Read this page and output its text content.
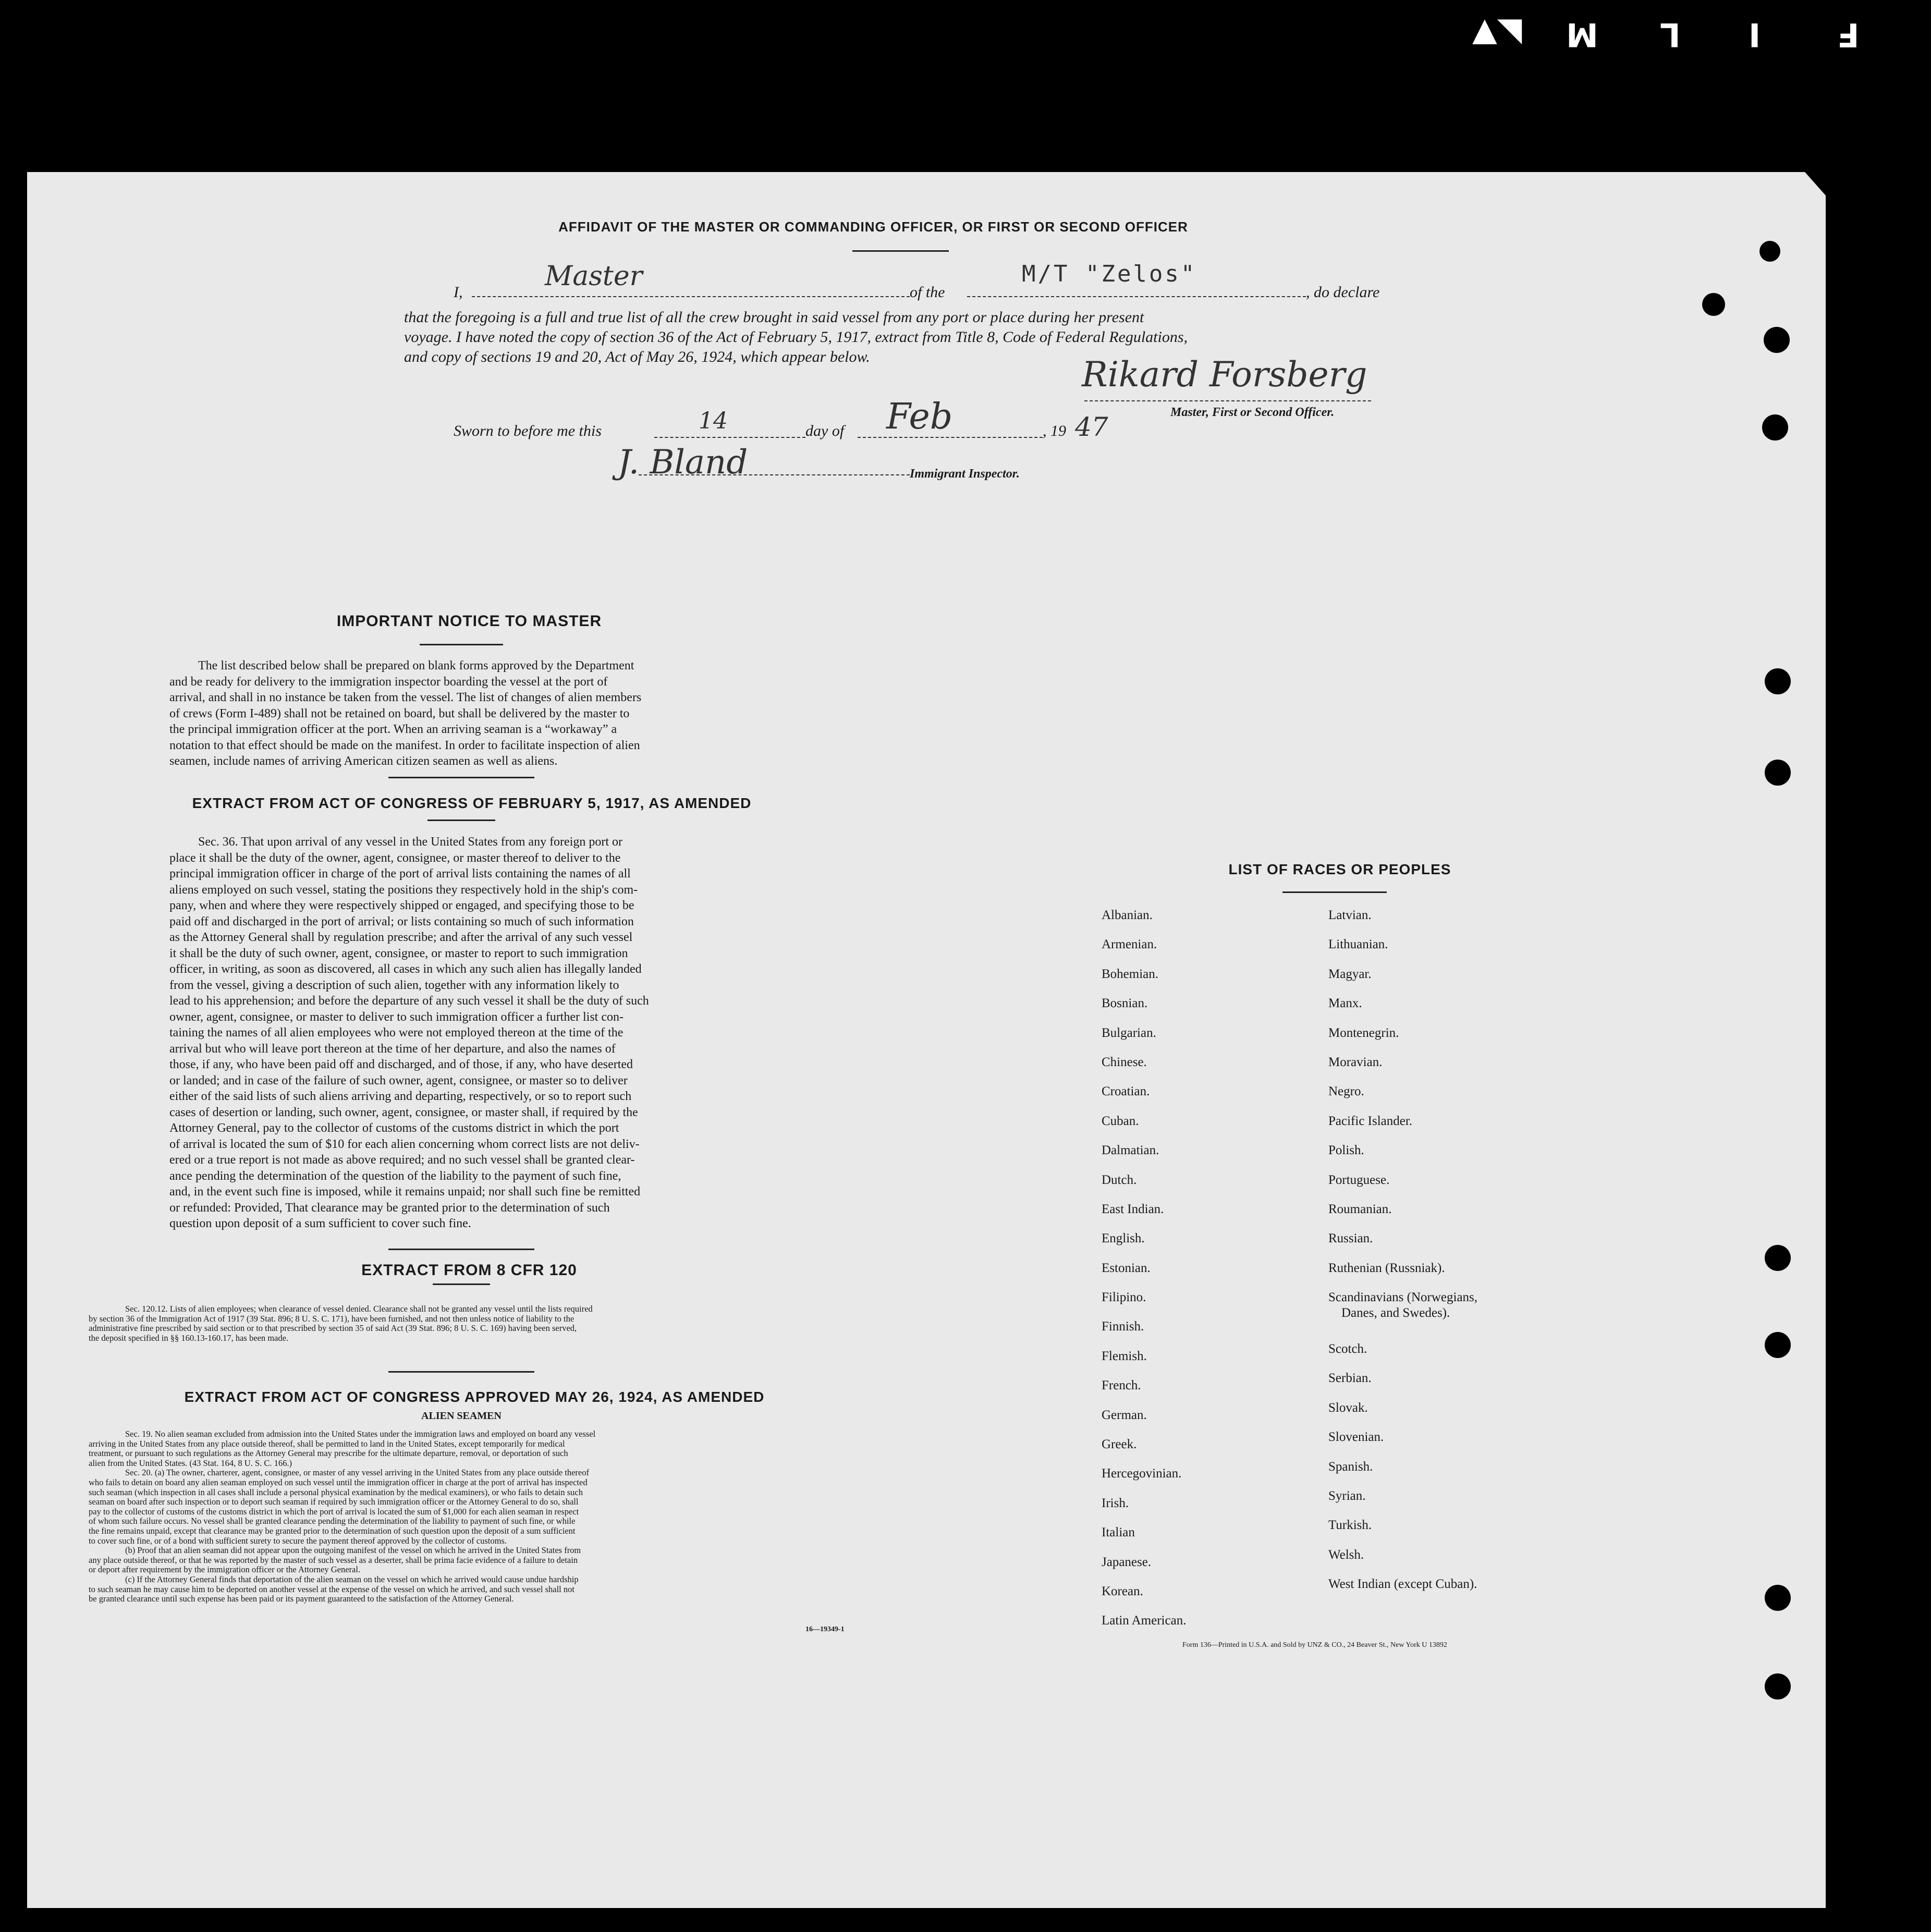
◣▼ M L I F
AFFIDAVIT OF THE MASTER OR COMMANDING OFFICER, OR FIRST OR SECOND OFFICER
I,
Master
of the
M/T "Zelos"
, do declare
that the foregoing is a full and true list of all the crew brought in said vessel from any port or place during her present
voyage. I have noted the copy of section 36 of the Act of February 5, 1917, extract from Title 8, Code of Federal Regulations,
and copy of sections 19 and 20, Act of May 26, 1924, which appear below.	Rikard Forsberg
Master, First or Second Officer.
Sworn to before me this	14	day of Feb	, 19 47
J. Bland	Immigrant Inspector.
IMPORTANT NOTICE TO MASTER
The list described below shall be prepared on blank forms approved by the Department
and be ready for delivery to the immigration inspector boarding the vessel at the port of
arrival, and shall in no instance be taken from the vessel. The list of changes of alien members
of crews (Form I-489) shall not be retained on board, but shall be delivered by the master to
the principal immigration officer at the port. When an arriving seaman is a “workaway” a
notation to that effect should be made on the manifest. In order to facilitate inspection of alien
seamen, include names of arriving American citizen seamen as well as aliens.
EXTRACT FROM ACT OF CONGRESS OF FEBRUARY 5, 1917, AS AMENDED
Sec. 36. That upon arrival of any vessel in the United States from any foreign port or
place it shall be the duty of the owner, agent, consignee, or master thereof to deliver to the
principal immigration officer in charge of the port of arrival lists containing the names of all
aliens employed on such vessel, stating the positions they respectively hold in the ship's com-
pany, when and where they were respectively shipped or engaged, and specifying those to be
paid off and discharged in the port of arrival; or lists containing so much of such information
as the Attorney General shall by regulation prescribe; and after the arrival of any such vessel
it shall be the duty of such owner, agent, consignee, or master to report to such immigration
officer, in writing, as soon as discovered, all cases in which any such alien has illegally landed
from the vessel, giving a description of such alien, together with any information likely to
lead to his apprehension; and before the departure of any such vessel it shall be the duty of such
owner, agent, consignee, or master to deliver to such immigration officer a further list con-
taining the names of all alien employees who were not employed thereon at the time of the
arrival but who will leave port thereon at the time of her departure, and also the names of
those, if any, who have been paid off and discharged, and of those, if any, who have deserted
or landed; and in case of the failure of such owner, agent, consignee, or master so to deliver
either of the said lists of such aliens arriving and departing, respectively, or so to report such
cases of desertion or landing, such owner, agent, consignee, or master shall, if required by the
Attorney General, pay to the collector of customs of the customs district in which the port
of arrival is located the sum of $10 for each alien concerning whom correct lists are not deliv-
ered or a true report is not made as above required; and no such vessel shall be granted clear-
ance pending the determination of the question of the liability to the payment of such fine,
and, in the event such fine is imposed, while it remains unpaid; nor shall such fine be remitted
or refunded: Provided, That clearance may be granted prior to the determination of such
question upon deposit of a sum sufficient to cover such fine.
EXTRACT FROM 8 CFR 120
Sec. 120.12. Lists of alien employees; when clearance of vessel denied. Clearance shall not be granted any vessel until the lists required
by section 36 of the Immigration Act of 1917 (39 Stat. 896; 8 U. S. C. 171), have been furnished, and not then unless notice of liability to the
administrative fine prescribed by said section or to that prescribed by section 35 of said Act (39 Stat. 896; 8 U. S. C. 169) having been served,
the deposit specified in §§ 160.13-160.17, has been made.
EXTRACT FROM ACT OF CONGRESS APPROVED MAY 26, 1924, AS AMENDED
ALIEN SEAMEN
Sec. 19. No alien seaman excluded from admission into the United States under the immigration laws and employed on board any vessel
arriving in the United States from any place outside thereof, shall be permitted to land in the United States, except temporarily for medical
treatment, or pursuant to such regulations as the Attorney General may prescribe for the ultimate departure, removal, or deportation of such
alien from the United States. (43 Stat. 164, 8 U. S. C. 166.)
Sec. 20. (a) The owner, charterer, agent, consignee, or master of any vessel arriving in the United States from any place outside thereof
who fails to detain on board any alien seaman employed on such vessel until the immigration officer in charge at the port of arrival has inspected
such seaman (which inspection in all cases shall include a personal physical examination by the medical examiners), or who fails to detain such
seaman on board after such inspection or to deport such seaman if required by such immigration officer or the Attorney General to do so, shall
pay to the collector of customs of the customs district in which the port of arrival is located the sum of $1,000 for each alien seaman in respect
of whom such failure occurs. No vessel shall be granted clearance pending the determination of the liability to payment of such fine, or while
the fine remains unpaid, except that clearance may be granted prior to the determination of such question upon the deposit of a sum sufficient
to cover such fine, or of a bond with sufficient surety to secure the payment thereof approved by the collector of customs.
(b) Proof that an alien seaman did not appear upon the outgoing manifest of the vessel on which he arrived in the United States from
any place outside thereof, or that he was reported by the master of such vessel as a deserter, shall be prima facie evidence of a failure to detain
or deport after requirement by the immigration officer or the Attorney General.
(c) If the Attorney General finds that deportation of the alien seaman on the vessel on which he arrived would cause undue hardship
to such seaman he may cause him to be deported on another vessel at the expense of the vessel on which he arrived, and such vessel shall not
be granted clearance until such expense has been paid or its payment guaranteed to the satisfaction of the Attorney General.
16—19349-1
LIST OF RACES OR PEOPLES
Albanian.
Armenian.
Bohemian.
Bosnian.
Bulgarian.
Chinese.
Croatian.
Cuban.
Dalmatian.
Dutch.
East Indian.
English.
Estonian.
Filipino.
Finnish.
Flemish.
French.
German.
Greek.
Hercegovinian.
Irish.
Italian
Japanese.
Korean.
Latin American.
Latvian.
Lithuanian.
Magyar.
Manx.
Montenegrin.
Moravian.
Negro.
Pacific Islander.
Polish.
Portuguese.
Roumanian.
Russian.
Ruthenian (Russniak).
Scandinavians (Norwegians,
Danes, and Swedes).
Scotch.
Serbian.
Slovak.
Slovenian.
Spanish.
Syrian.
Turkish.
Welsh.
West Indian (except Cuban).
Form 136—Printed in U.S.A. and Sold by UNZ & CO., 24 Beaver St., New York U 13892
